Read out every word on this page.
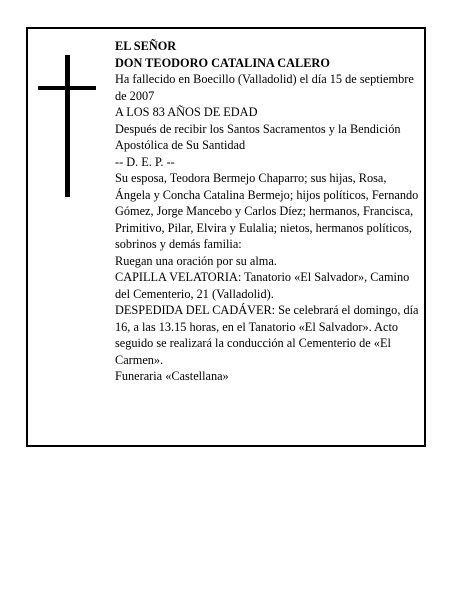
EL SEÑOR

DON TEODORO CATALINA CALERO

Ha fallecido en Boecillo (Valladolid) el día 15 de septiembre de 2007

A LOS 83 AÑOS DE EDAD

Después de recibir los Santos Sacramentos y la Bendición Apostólica de Su Santidad

-- D. E. P. --

Su esposa, Teodora Bermejo Chaparro; sus hijas, Rosa, Ángela y Concha Catalina Bermejo; hijos políticos, Fernando Gómez, Jorge Mancebo y Carlos Díez; hermanos, Francisca, Primitivo, Pilar, Elvira y Eulalia; nietos, hermanos políticos, sobrinos y demás familia:

Ruegan una oración por su alma.

CAPILLA VELATORIA: Tanatorio «El Salvador», Camino del Cementerio, 21 (Valladolid).

DESPEDIDA DEL CADÁVER: Se celebrará el domingo, día 16, a las 13.15 horas, en el Tanatorio «El Salvador». Acto seguido se realizará la conducción al Cementerio de «El Carmen».

Funeraria «Castellana»
